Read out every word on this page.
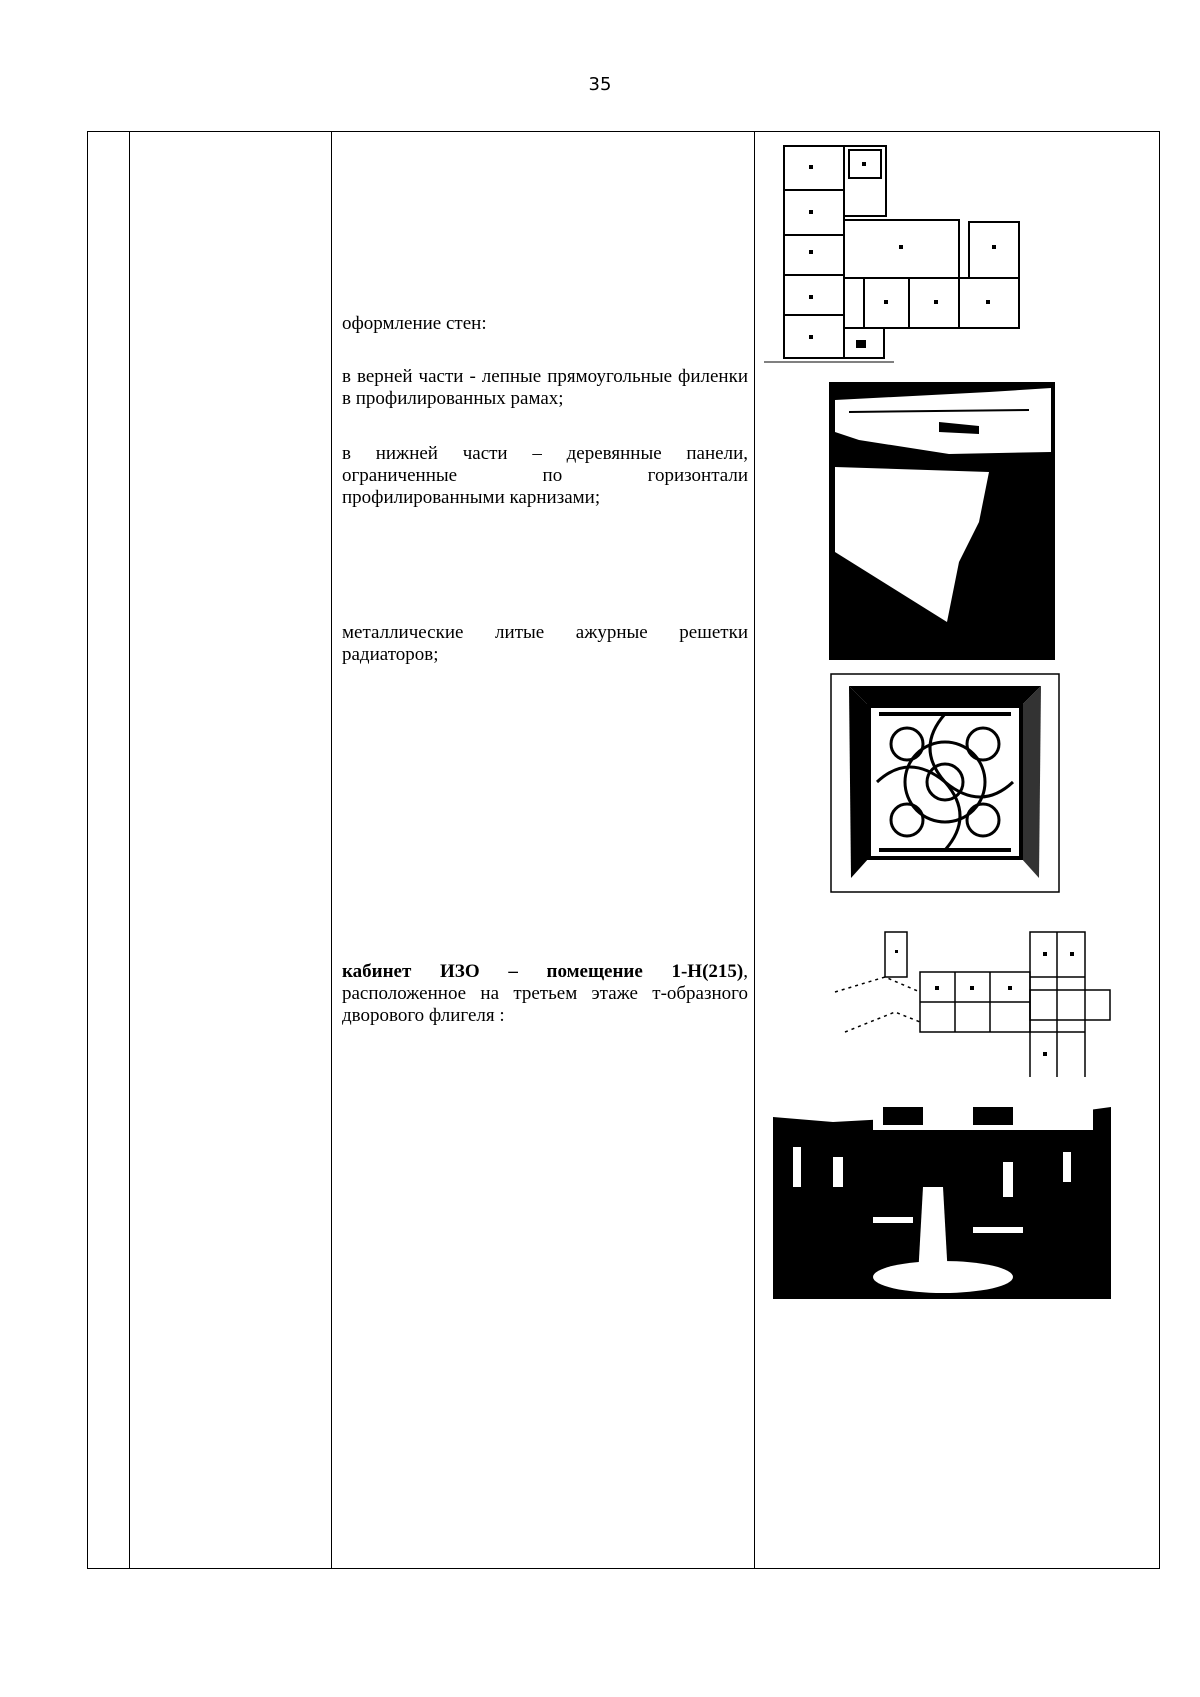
35
оформление стен:
в верней части - лепные прямоугольные филенки в профилированных рамах;
в нижней части – деревянные панели,
ограниченные по горизонтали
профилированными карнизами;
металлические литые ажурные решетки радиаторов;
кабинет ИЗО – помещение 1-Н(215), расположенное на третьем этаже т-образного дворового флигеля :
